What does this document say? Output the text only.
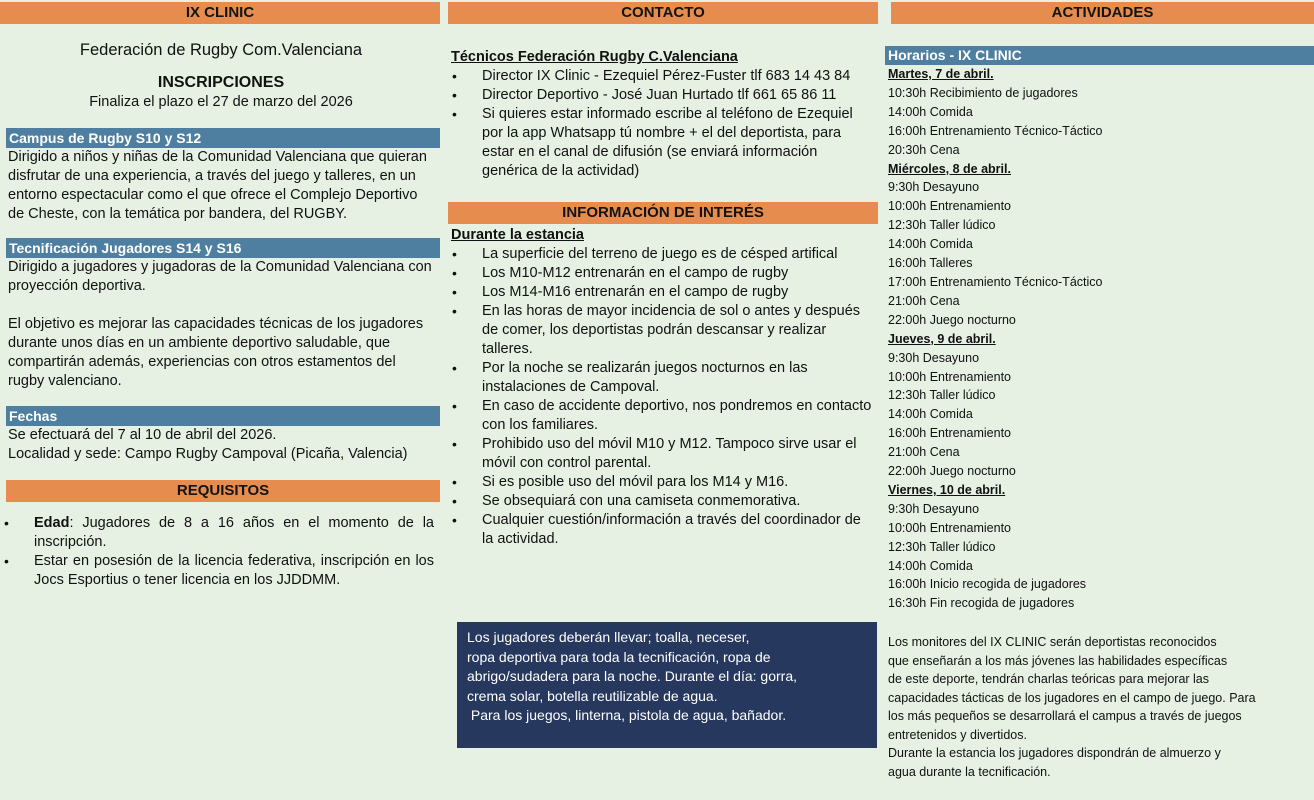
IX CLINIC
Federación de Rugby Com.Valenciana
INSCRIPCIONES
Finaliza el plazo el 27 de marzo del 2026
Campus de Rugby S10 y S12
Dirigido a niños y niñas de la Comunidad Valenciana que quieran disfrutar de una experiencia, a través del juego y talleres, en un entorno espectacular como el que ofrece el Complejo Deportivo de Cheste, con la temática por bandera, del RUGBY.
Tecnificación Jugadores S14 y S16
Dirigido a jugadores y jugadoras de la Comunidad Valenciana con proyección deportiva.
El objetivo es mejorar las capacidades técnicas de los jugadores durante unos días en un ambiente deportivo saludable, que compartirán además, experiencias con otros estamentos del rugby valenciano.
Fechas
Se efectuará del 7 al 10 de abril del 2026.
Localidad y sede: Campo Rugby Campoval (Picaña, Valencia)
REQUISITOS
• Edad: Jugadores de 8 a 16 años en el momento de la inscripción.
• Estar en posesión de la licencia federativa, inscripción en los Jocs Esportius o tener licencia en los JJDDMM.
CONTACTO
Técnicos Federación Rugby C.Valenciana
• Director IX Clinic - Ezequiel Pérez-Fuster tlf 683 14 43 84
• Director Deportivo - José Juan Hurtado tlf 661 65 86 11
• Si quieres estar informado escribe al teléfono de Ezequiel por la app Whatsapp tú nombre + el del deportista, para estar en el canal de difusión (se enviará información genérica de la actividad)
INFORMACIÓN DE INTERÉS
Durante la estancia
• La superficie del terreno de juego es de césped artifical
• Los M10-M12 entrenarán en el campo de rugby
• Los M14-M16 entrenarán en el campo de rugby
• En las horas de mayor incidencia de sol o antes y después de comer, los deportistas podrán descansar y realizar talleres.
• Por la noche se realizarán juegos nocturnos en las instalaciones de Campoval.
• En caso de accidente deportivo, nos pondremos en contacto con los familiares.
• Prohibido uso del móvil M10 y M12. Tampoco sirve usar el móvil con control parental.
• Si es posible uso del móvil para los M14 y M16.
• Se obsequiará con una camiseta conmemorativa.
• Cualquier cuestión/información a través del coordinador de la actividad.
Los jugadores deberán llevar; toalla, neceser,
ropa deportiva para toda la tecnificación, ropa de
abrigo/sudadera para la noche. Durante el día: gorra,
crema solar, botella reutilizable de agua.
Para los juegos, linterna, pistola de agua, bañador.
ACTIVIDADES
Horarios - IX CLINIC
Martes, 7 de abril.
10:30h Recibimiento de jugadores
14:00h Comida
16:00h Entrenamiento Técnico-Táctico
20:30h Cena
Miércoles, 8 de abril.
9:30h Desayuno
10:00h Entrenamiento
12:30h Taller lúdico
14:00h Comida
16:00h Talleres
17:00h Entrenamiento Técnico-Táctico
21:00h Cena
22:00h Juego nocturno
Jueves, 9 de abril.
9:30h Desayuno
10:00h Entrenamiento
12:30h Taller lúdico
14:00h Comida
16:00h Entrenamiento
21:00h Cena
22:00h Juego nocturno
Viernes, 10 de abril.
9:30h Desayuno
10:00h Entrenamiento
12:30h Taller lúdico
14:00h Comida
16:00h Inicio recogida de jugadores
16:30h Fin recogida de jugadores
Los monitores del IX CLINIC serán deportistas reconocidos
que enseñarán a los más jóvenes las habilidades específicas
de este deporte, tendrán charlas teóricas para mejorar las
capacidades tácticas de los jugadores en el campo de juego. Para
los más pequeños se desarrollará el campus a través de juegos
entretenidos y divertidos.
Durante la estancia los jugadores dispondrán de almuerzo y
agua durante la tecnificación.
